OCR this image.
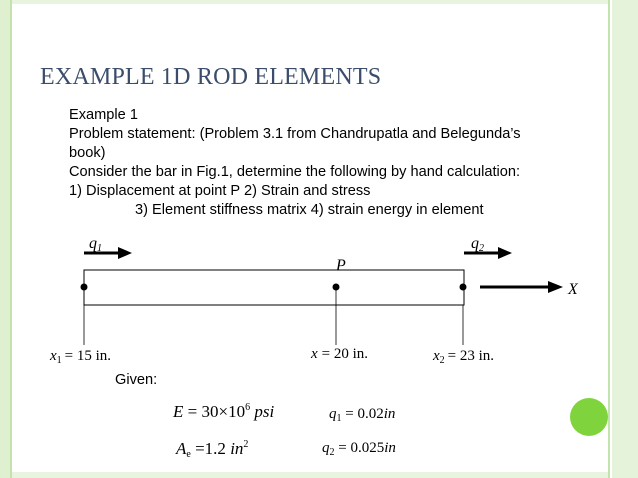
EXAMPLE 1D ROD ELEMENTS
Example 1
Problem statement: (Problem 3.1 from Chandrupatla and Belegunda’s
book)
Consider the bar in Fig.1, determine the following by hand calculation:
1) Displacement at point P 2) Strain and stress
3) Element stiffness matrix 4) strain energy in element
q1	q2
P
X
$x_1 = 15$ in.	x = 20 in.	$x_2 = 23$ in.
Given:
$E = 30\times 10^6$ psi
$A_e =1.2$ $in^2$
$q_1 = 0.02in$
$q_2 = 0.025in$
